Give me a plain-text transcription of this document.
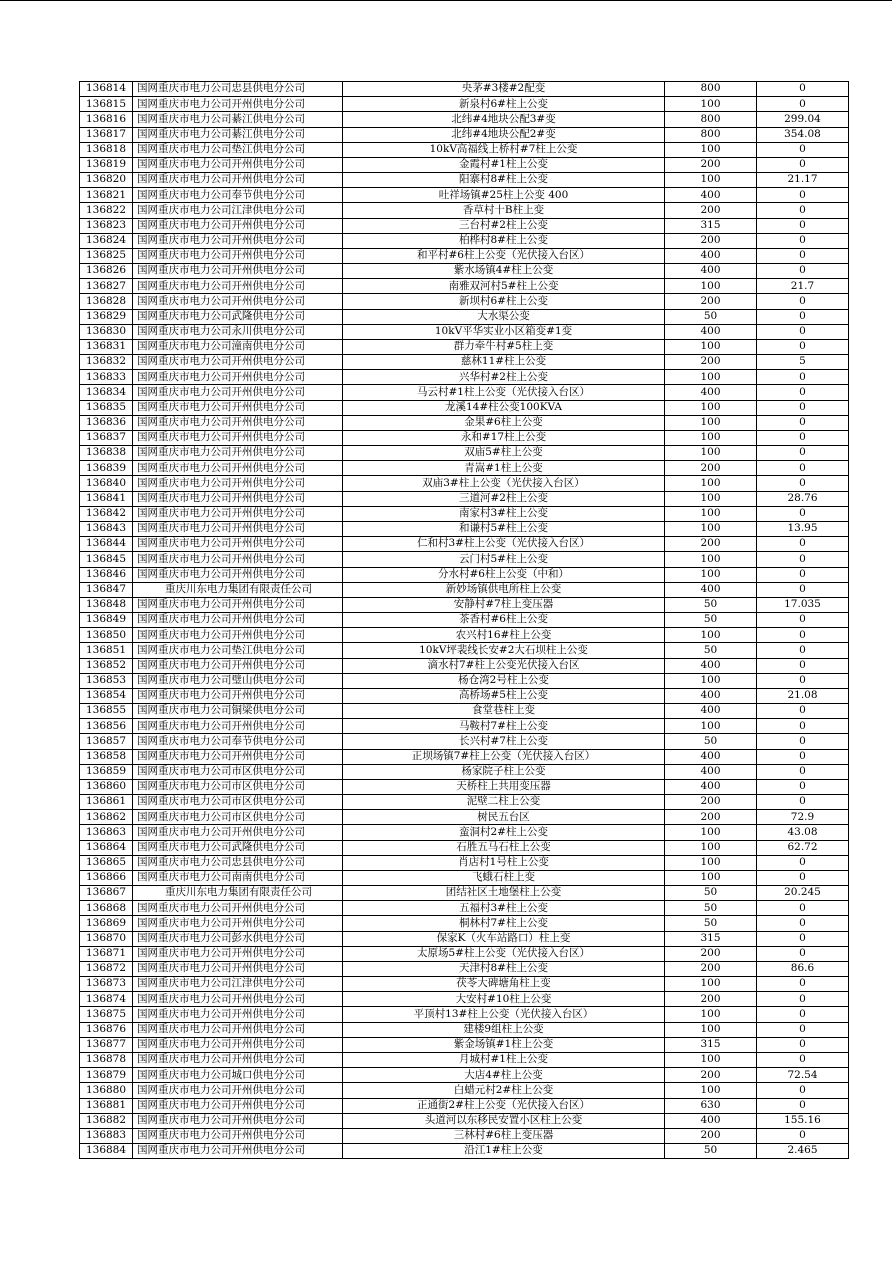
136814	国网重庆市电力公司忠县供电分公司	央茅#3楼#2配变	800	0
136815	国网重庆市电力公司开州供电分公司	新泉村6#柱上公变	100	0
136816	国网重庆市电力公司綦江供电分公司	北纬#4地块公配3#变	800	299.04
136817	国网重庆市电力公司綦江供电分公司	北纬#4地块公配2#变	800	354.08
136818	国网重庆市电力公司垫江供电分公司	10kV高福线上桥村#7柱上公变	100	0
136819	国网重庆市电力公司开州供电分公司	金霞村#1柱上公变	200	0
136820	国网重庆市电力公司开州供电分公司	阳寨村8#柱上公变	100	21.17
136821	国网重庆市电力公司奉节供电分公司	吐祥场镇#25柱上公变 400	400	0
136822	国网重庆市电力公司江津供电分公司	香草村十B柱上变	200	0
136823	国网重庆市电力公司开州供电分公司	三台村#2柱上公变	315	0
136824	国网重庆市电力公司开州供电分公司	柏桦村8#柱上公变	200	0
136825	国网重庆市电力公司开州供电分公司	和平村#6柱上公变（光伏接入台区）	400	0
136826	国网重庆市电力公司开州供电分公司	紫水场镇4#柱上公变	400	0
136827	国网重庆市电力公司开州供电分公司	南雅双河村5#柱上公变	100	21.7
136828	国网重庆市电力公司开州供电分公司	新坝村6#柱上公变	200	0
136829	国网重庆市电力公司武隆供电分公司	大水渠公变	50	0
136830	国网重庆市电力公司永川供电分公司	10kV平华实业小区箱变#1变	400	0
136831	国网重庆市电力公司潼南供电分公司	群力牵牛村#5柱上变	100	0
136832	国网重庆市电力公司开州供电分公司	慈林11#柱上公变	200	5
136833	国网重庆市电力公司开州供电分公司	兴华村#2柱上公变	100	0
136834	国网重庆市电力公司开州供电分公司	马云村#1柱上公变（光伏接入台区）	400	0
136835	国网重庆市电力公司开州供电分公司	龙溪14#柱公变100KVA	100	0
136836	国网重庆市电力公司开州供电分公司	金果#6柱上公变	100	0
136837	国网重庆市电力公司开州供电分公司	永和#17柱上公变	100	0
136838	国网重庆市电力公司开州供电分公司	双庙5#柱上公变	100	0
136839	国网重庆市电力公司开州供电分公司	青嵩#1柱上公变	200	0
136840	国网重庆市电力公司开州供电分公司	双庙3#柱上公变（光伏接入台区）	100	0
136841	国网重庆市电力公司开州供电分公司	三道河#2柱上公变	100	28.76
136842	国网重庆市电力公司开州供电分公司	南家村3#柱上公变	100	0
136843	国网重庆市电力公司开州供电分公司	和谦村5#柱上公变	100	13.95
136844	国网重庆市电力公司开州供电分公司	仁和村3#柱上公变（光伏接入台区）	200	0
136845	国网重庆市电力公司开州供电分公司	云门村5#柱上公变	100	0
136846	国网重庆市电力公司开州供电分公司	分水村#6柱上公变（中和）	100	0
136847	重庆川东电力集团有限责任公司	新妙场镇供电所柱上公变	400	0
136848	国网重庆市电力公司开州供电分公司	安静村#7柱上变压器	50	17.035
136849	国网重庆市电力公司开州供电分公司	茶香村#6柱上公变	50	0
136850	国网重庆市电力公司开州供电分公司	农兴村16#柱上公变	100	0
136851	国网重庆市电力公司垫江供电分公司	10kV坪裴线长安#2大石坝柱上公变	50	0
136852	国网重庆市电力公司开州供电分公司	滴水村7#柱上公变光伏接入台区	400	0
136853	国网重庆市电力公司璧山供电分公司	杨仓湾2号柱上公变	100	0
136854	国网重庆市电力公司开州供电分公司	高桥场#5柱上公变	400	21.08
136855	国网重庆市电力公司铜梁供电分公司	食堂巷柱上变	400	0
136856	国网重庆市电力公司开州供电分公司	马鞍村7#柱上公变	100	0
136857	国网重庆市电力公司奉节供电分公司	长兴村#7柱上公变	50	0
136858	国网重庆市电力公司开州供电分公司	正坝场镇7#柱上公变（光伏接入台区）	400	0
136859	国网重庆市电力公司市区供电分公司	杨家院子柱上公变	400	0
136860	国网重庆市电力公司市区供电分公司	天桥柱上共用变压器	400	0
136861	国网重庆市电力公司市区供电分公司	泥壁二柱上公变	200	0
136862	国网重庆市电力公司市区供电分公司	树民五台区	200	72.9
136863	国网重庆市电力公司开州供电分公司	蛮洞村2#柱上公变	100	43.08
136864	国网重庆市电力公司武隆供电分公司	石胜五马石柱上公变	100	62.72
136865	国网重庆市电力公司忠县供电分公司	肖店村1号柱上公变	100	0
136866	国网重庆市电力公司南南供电分公司	飞蛾石柱上变	100	0
136867	重庆川东电力集团有限责任公司	团结社区土地堡柱上公变	50	20.245
136868	国网重庆市电力公司开州供电分公司	五福村3#柱上公变	50	0
136869	国网重庆市电力公司开州供电分公司	桐林村7#柱上公变	50	0
136870	国网重庆市电力公司彭水供电分公司	保家K（火车站路口）柱上变	315	0
136871	国网重庆市电力公司开州供电分公司	太原场5#柱上公变（光伏接入台区）	200	0
136872	国网重庆市电力公司开州供电分公司	天津村8#柱上公变	200	86.6
136873	国网重庆市电力公司江津供电分公司	茯苓大碑塘角柱上变	100	0
136874	国网重庆市电力公司开州供电分公司	大安村#10柱上公变	200	0
136875	国网重庆市电力公司开州供电分公司	平顶村13#柱上公变（光伏接入台区）	100	0
136876	国网重庆市电力公司开州供电分公司	建楼9组柱上公变	100	0
136877	国网重庆市电力公司开州供电分公司	紫金场镇#1柱上公变	315	0
136878	国网重庆市电力公司开州供电分公司	月城村#1柱上公变	100	0
136879	国网重庆市电力公司城口供电分公司	大店4#柱上公变	200	72.54
136880	国网重庆市电力公司开州供电分公司	白蜡元村2#柱上公变	100	0
136881	国网重庆市电力公司开州供电分公司	正通街2#柱上公变（光伏接入台区）	630	0
136882	国网重庆市电力公司开州供电分公司	头道河以东移民安置小区柱上公变	400	155.16
136883	国网重庆市电力公司开州供电分公司	三林村#6柱上变压器	200	0
136884	国网重庆市电力公司开州供电分公司	沿江1#柱上公变	50	2.465
